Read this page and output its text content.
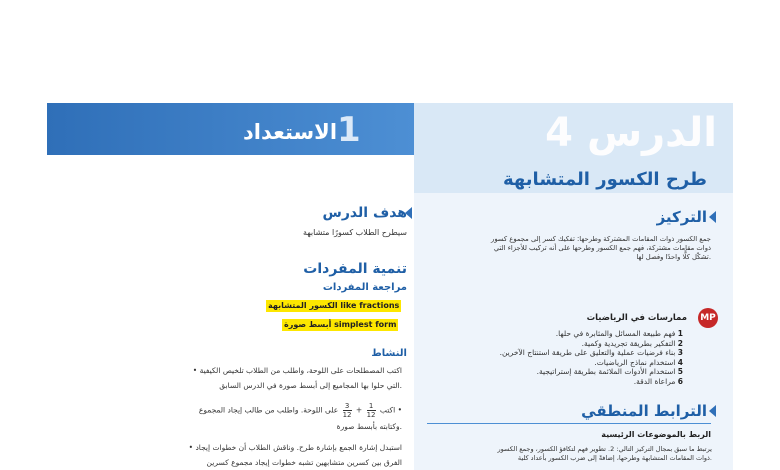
1
الاستعداد	الدرس 4
طرح الكسور المتشابهة
هدف الدرس
سيطرح الطلاب كسورًا متشابهة
تنمية المفردات
مراجعة المفردات
الكسور المتشابهة like fractions
أبسط صورة simplest form
النشاط
• اكتب المصطلحات على اللوحة، واطلب من الطلاب تلخيص الكيفية
التي حلوا بها المجاميع إلى أبسط صورة في الدرس السابق.
• اكتب
$\frac{1}{12}$
+
$\frac{3}{12}$
على اللوحة. واطلب من طالب إيجاد المجموع
وكتابته بأبسط صورة.
• استبدل إشارة الجمع بإشارة طرح. وناقش الطلاب أن خطوات إيجاد
الفرق بين كسرين متشابهين تشبه خطوات إيجاد مجموع كسرين
التركيز
جمع الكسور ذوات المقامات المشتركة وطرحها: تفكيك كسر إلى مجموع كسور
ذوات مقامات مشتركة، فهم جمع الكسور وطرحها على أنه تركيب للأجزاء التي
تشكّل كلًّا واحدًا وفصل لها.
MP
ممارسات في الرياضيات
1 فهم طبيعة المسائل والمثابرة في حلها.
2 التفكير بطريقة تجريدية وكمية.
3 بناء فرضيات عملية والتعليق على طريقة استنتاج الآخرين.
4 استخدام نماذج الرياضيات.
5 استخدام الأدوات الملائمة بطريقة إستراتيجية.
6 مراعاة الدقة.
الترابط المنطقي
الربط بالموضوعات الرئيسية
يرتبط ما سبق بمجال التركيز التالي: 2. تطوير فهم لتكافؤ الكسور، وجمع الكسور
ذوات المقامات المتشابهة وطرحها، إضافةً إلى ضرب الكسور بأعداد كلية.
